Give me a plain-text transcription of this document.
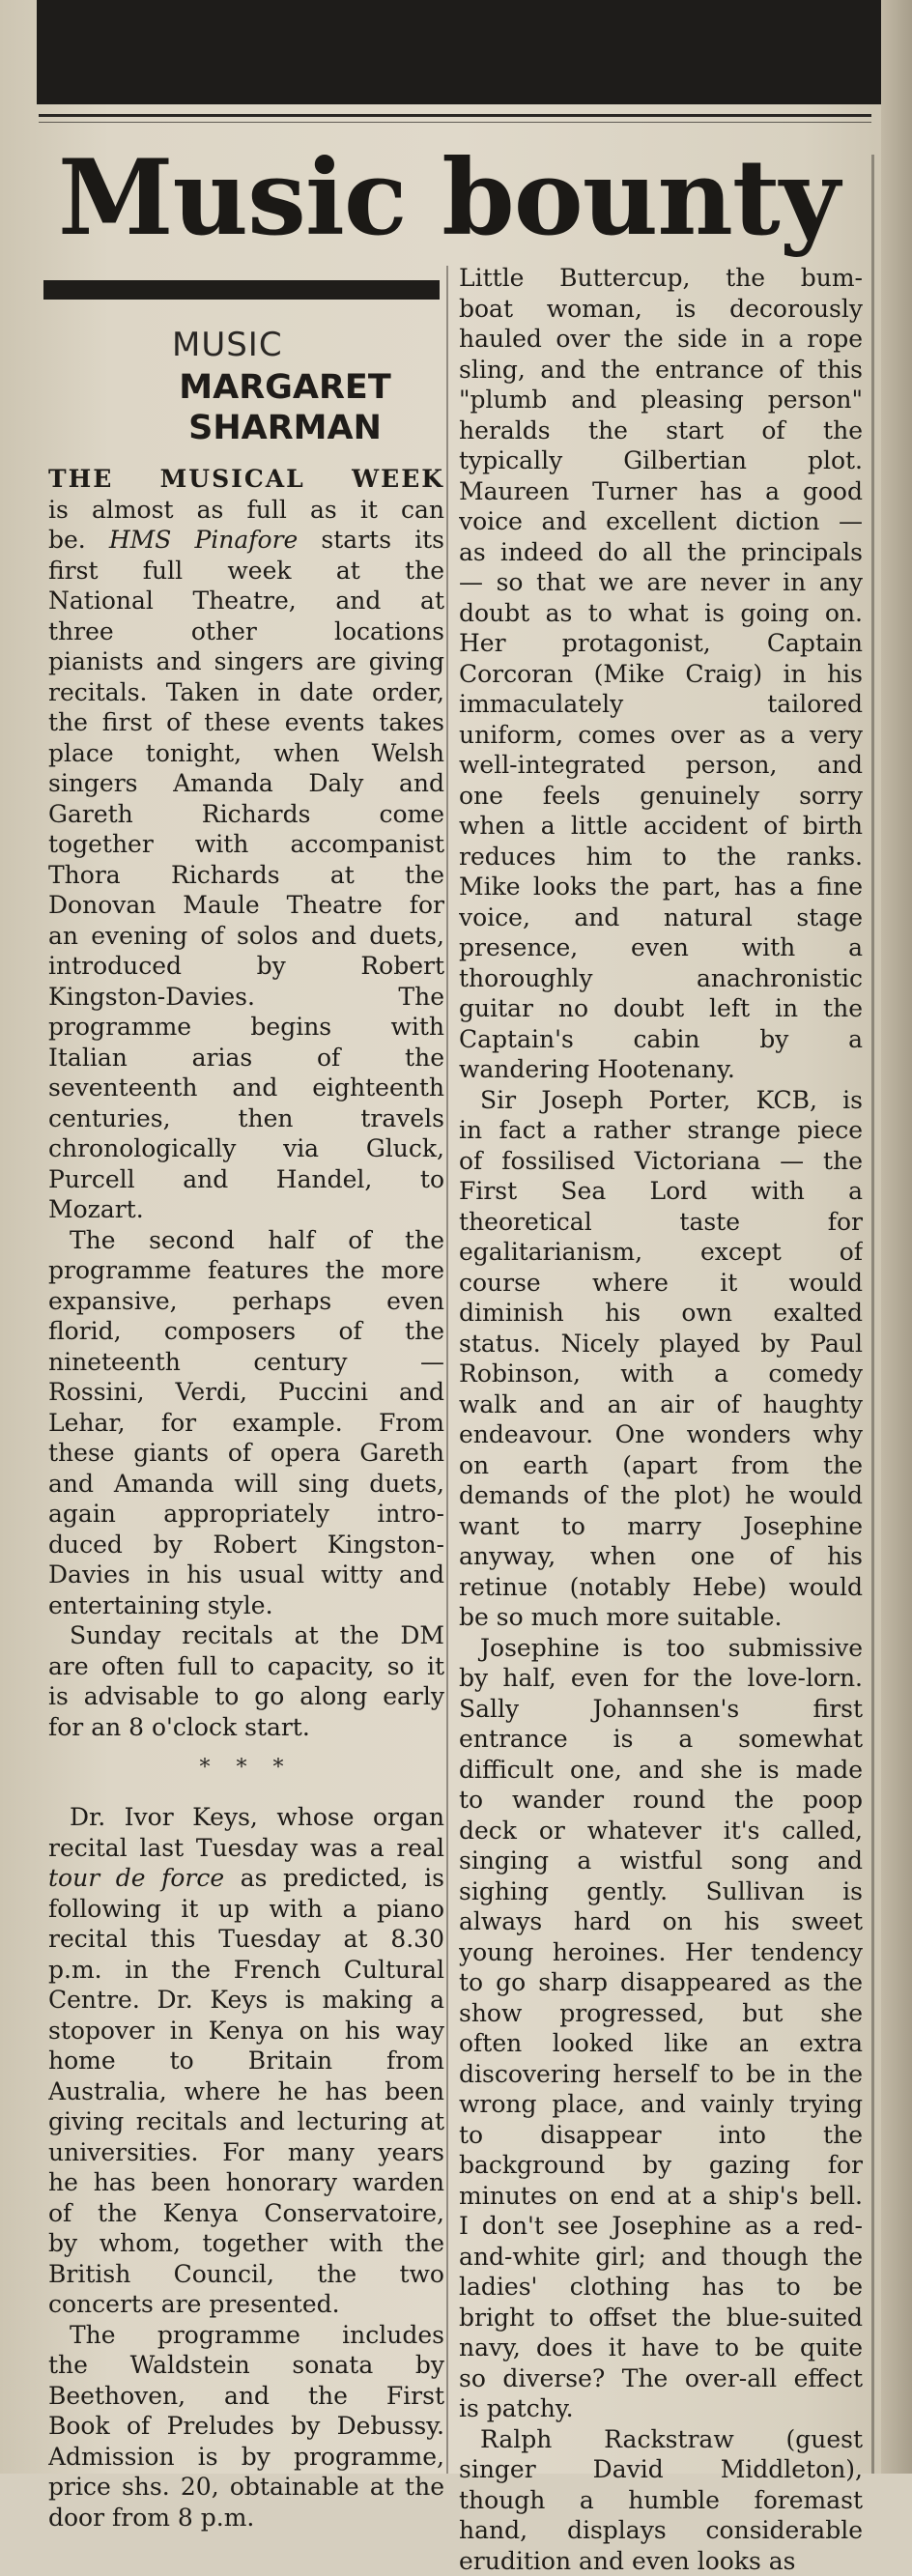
Music bounty
MUSIC
MARGARET
SHARMAN
THE MUSICAL WEEK
is almost as full as it can
be. HMS Pinafore starts its
first full week at the
National Theatre, and at
three other locations
pianists and singers are giving
recitals. Taken in date order,
the first of these events takes
place tonight, when Welsh
singers Amanda Daly and
Gareth Richards come
together with accompanist
Thora Richards at the
Donovan Maule Theatre for
an evening of solos and duets,
introduced by Robert
Kingston-Davies. The
programme begins with
Italian arias of the
seventeenth and eighteenth
centuries, then travels
chronologically via Gluck,
Purcell and Handel, to
Mozart.
The second half of the
programme features the more
expansive, perhaps even
florid, composers of the
nineteenth century —
Rossini, Verdi, Puccini and
Lehar, for example. From
these giants of opera Gareth
and Amanda will sing duets,
again appropriately intro-
duced by Robert Kingston-
Davies in his usual witty and
entertaining style.
Sunday recitals at the DM
are often full to capacity, so it
is advisable to go along early
for an 8 o'clock start.
Dr. Ivor Keys, whose organ
recital last Tuesday was a real
tour de force as predicted, is
following it up with a piano
recital this Tuesday at 8.30
p.m. in the French Cultural
Centre. Dr. Keys is making a
stopover in Kenya on his way
home to Britain from
Australia, where he has been
giving recitals and lecturing at
universities. For many years
he has been honorary warden
of the Kenya Conservatoire,
by whom, together with the
British Council, the two
concerts are presented.
The programme includes
the Waldstein sonata by
Beethoven, and the First
Book of Preludes by Debussy.
Admission is by programme,
price shs. 20, obtainable at the
door from 8 p.m.
* * *
Little Buttercup, the bum-
boat woman, is decorously
hauled over the side in a rope
sling, and the entrance of this
"plumb and pleasing person"
heralds the start of the
typically Gilbertian plot.
Maureen Turner has a good
voice and excellent diction —
as indeed do all the principals
— so that we are never in any
doubt as to what is going on.
Her protagonist, Captain
Corcoran (Mike Craig) in his
immaculately tailored
uniform, comes over as a very
well-integrated person, and
one feels genuinely sorry
when a little accident of birth
reduces him to the ranks.
Mike looks the part, has a fine
voice, and natural stage
presence, even with a
thoroughly anachronistic
guitar no doubt left in the
Captain's cabin by a
wandering Hootenany.
Sir Joseph Porter, KCB, is
in fact a rather strange piece
of fossilised Victoriana — the
First Sea Lord with a
theoretical taste for
egalitarianism, except of
course where it would
diminish his own exalted
status. Nicely played by Paul
Robinson, with a comedy
walk and an air of haughty
endeavour. One wonders why
on earth (apart from the
demands of the plot) he would
want to marry Josephine
anyway, when one of his
retinue (notably Hebe) would
be so much more suitable.
Josephine is too submissive
by half, even for the love-lorn.
Sally Johannsen's first
entrance is a somewhat
difficult one, and she is made
to wander round the poop
deck or whatever it's called,
singing a wistful song and
sighing gently. Sullivan is
always hard on his sweet
young heroines. Her tendency
to go sharp disappeared as the
show progressed, but she
often looked like an extra
discovering herself to be in the
wrong place, and vainly trying
to disappear into the
background by gazing for
minutes on end at a ship's bell.
I don't see Josephine as a red-
and-white girl; and though the
ladies' clothing has to be
bright to offset the blue-suited
navy, does it have to be quite
so diverse? The over-all effect
is patchy.
Ralph Rackstraw (guest
singer David Middleton),
though a humble foremast
hand, displays considerable
erudition and even looks as
